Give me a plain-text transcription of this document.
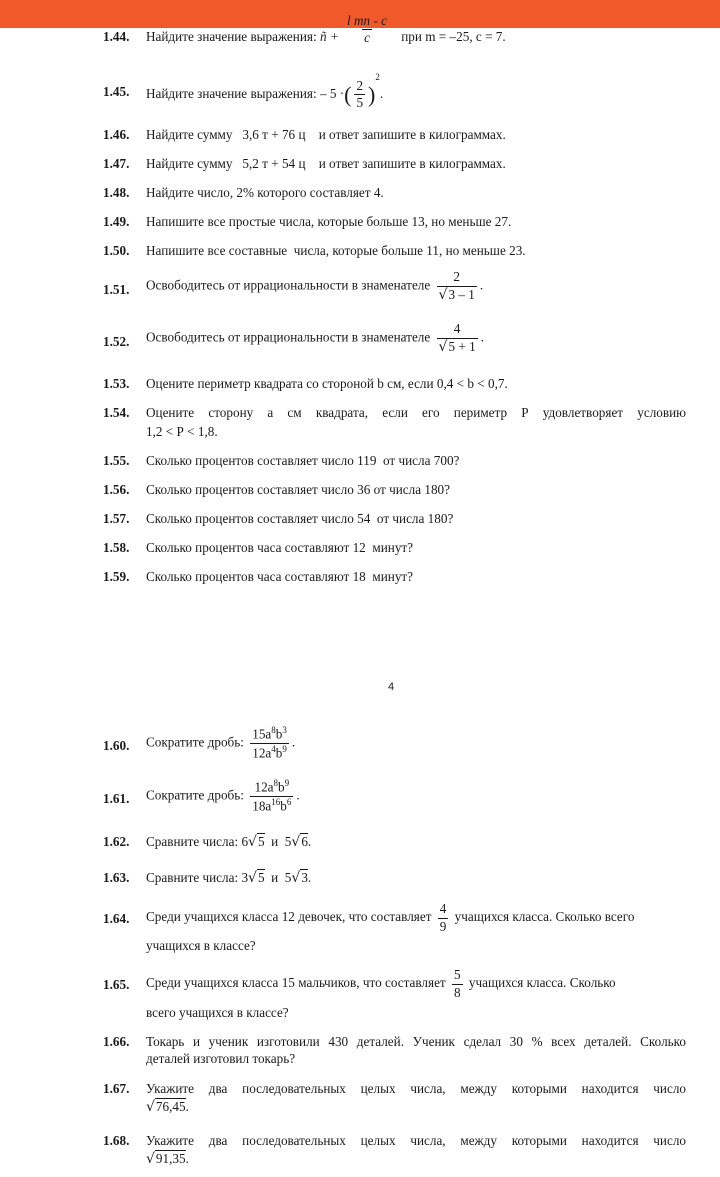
1.44. Найдите значение выражения: ñ + $\frac{\text{l mn - c}}{c}$ при m = –25, c = 7.
1.45. Найдите значение выражения: – 5 ·( $\frac{2}{5} )^2$.
1.46. Найдите сумму   3,6 т + 76 ц    и ответ запишите в килограммах.
1.47. Найдите сумму   5,2 т + 54 ц    и ответ запишите в килограммах.
1.48. Найдите число, 2% которого составляет 4.
1.49. Напишите все простые числа, которые больше 13, но меньше 27.
1.50. Напишите все составные  числа, которые больше 11, но меньше 23.
1.51. Освободитесь от иррациональности в знаменателе $\frac{2}{√3 - 1}$ .
1.52. Освободитесь от иррациональности в знаменателе $\frac{4}{√5 + 1}$ .
1.53. Оцените периметр квадрата со стороной b см, если 0,4 < b < 0,7.
1.54. Оцените сторону a см квадрата, если его периметр Р удовлетворяет условию
1,2 < Р < 1,8.
1.55. Сколько процентов составляет число 119  от числа 700?
1.56. Сколько процентов составляет число 36 от числа 180?
1.57. Сколько процентов составляет число 54  от числа 180?
1.58. Сколько процентов часа составляют 12  минут?
1.59. Сколько процентов часа составляют 18  минут?
4
1.60. Сократите дробь: $\frac{15a^8b^3}{12a^4b^9}$ .
1.61. Сократите дробь: $\frac{12a^8b^9}{18a^{16}b^6}$ .
1.62. Сравните числа: 6√5 и 5√6.
1.63. Сравните числа: 3√5 и 5√3.
1.64. Среди учащихся класса 12 девочек, что составляет $\frac{4}{9}$ учащихся класса. Сколько всего
учащихся в классе?
1.65. Среди учащихся класса 15 мальчиков, что составляет $\frac{5}{8}$ учащихся класса. Сколько
всего учащихся в классе?
1.66. Токарь и ученик изготовили 430 деталей. Ученик сделал 30 % всех деталей. Сколько
деталей изготовил токарь?
1.67. Укажите два последовательных целых числа, между которыми находится число
√76,45.
1.68. Укажите два последовательных целых числа, между которыми находится число
√91,35.
